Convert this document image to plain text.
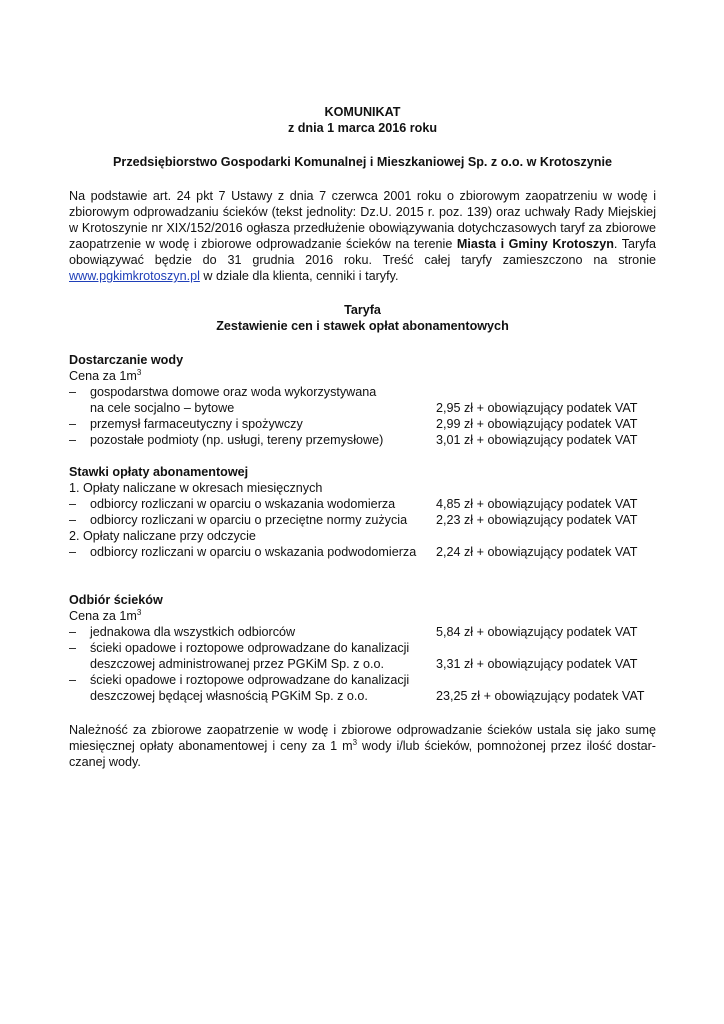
KOMUNIKAT
z dnia 1 marca 2016 roku
Przedsiębiorstwo Gospodarki Komunalnej i Mieszkaniowej Sp. z o.o. w Krotoszynie
Na podstawie art. 24 pkt 7 Ustawy z dnia 7 czerwca 2001 roku o zbiorowym zaopatrzeniu w wodę i zbiorowym odprowadzaniu ścieków (tekst jednolity: Dz.U. 2015 r. poz. 139) oraz uchwały Rady Miejskiej w Krotoszynie nr XIX/152/2016 ogłasza przedłużenie obowiązywania dotychczasowych taryf za zbiorowe zaopatrzenie w wodę i zbiorowe odprowadzanie ścieków na terenie Miasta i Gminy Krotoszyn. Taryfa obowiązywać będzie do 31 grudnia 2016 roku. Treść całej taryfy zamieszczono na stronie www.pgkimkrotoszyn.pl w dziale dla klienta, cenniki i taryfy.
Taryfa
Zestawienie cen i stawek opłat abonamentowych
Dostarczanie wody
Cena za $1m^3$
–	gospodarstwa domowe oraz woda wykorzystywana
na cele socjalno – bytowe	2,95 zł + obowiązujący podatek VAT
–	przemysł farmaceutyczny i spożywczy	2,99 zł + obowiązujący podatek VAT
–	pozostałe podmioty (np. usługi, tereny przemysłowe)	3,01 zł + obowiązujący podatek VAT
Stawki opłaty abonamentowej
1. Opłaty naliczane w okresach miesięcznych
–	odbiorcy rozliczani w oparciu o wskazania wodomierza	4,85 zł + obowiązujący podatek VAT
–	odbiorcy rozliczani w oparciu o przeciętne normy zużycia	2,23 zł + obowiązujący podatek VAT
2. Opłaty naliczane przy odczycie
–	odbiorcy rozliczani w oparciu o wskazania podwodomierza	2,24 zł + obowiązujący podatek VAT
Odbiór ścieków
Cena za $1m^3$
–	jednakowa dla wszystkich odbiorców	5,84 zł + obowiązujący podatek VAT
–	ścieki opadowe i roztopowe odprowadzane do kanalizacji
deszczowej administrowanej przez PGKiM Sp. z o.o.	3,31 zł + obowiązujący podatek VAT
–	ścieki opadowe i roztopowe odprowadzane do kanalizacji
deszczowej będącej własnością PGKiM Sp. z o.o.	23,25 zł + obowiązujący podatek VAT
Należność za zbiorowe zaopatrzenie w wodę i zbiorowe odprowadzanie ścieków ustala się jako sumę miesięcznej opłaty abonamentowej i ceny za 1 $m^3$ wody i/lub ścieków, pomnożonej przez ilość dostar-czanej wody.
